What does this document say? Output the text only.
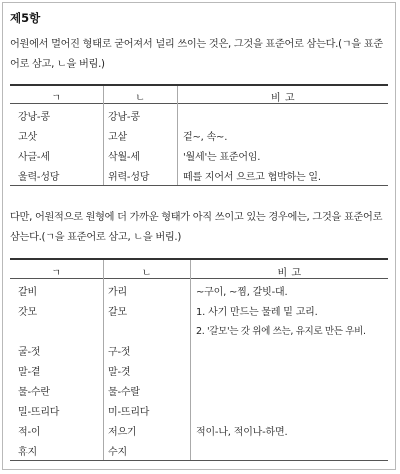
제5항
어원에서 멀어진 형태로 굳어져서 널리 쓰이는 것은, 그것을 표준어로 삼는다.(ㄱ을 표준
어로 삼고, ㄴ을 버림.)
ㄱ	ㄴ	비 고
강낭-콩	강남-콩
고삿	고샅	겉~, 속~.
사글-세	삭월-세	'월세'는 표준어임.
울력-성당	위력-성당	떼를 지어서 으르고 협박하는 일.
다만, 어원적으로 원형에 더 가까운 형태가 아직 쓰이고 있는 경우에는, 그것을 표준어로
삼는다.(ㄱ을 표준어로 삼고, ㄴ을 버림.)
ㄱ	ㄴ	비 고
갈비	가리	~구이, ~찜, 갈빗-대.
갓모	갈모	1. 사기 만드는 물레 밑 고리.
2. '갈모'는 갓 위에 쓰는, 유지로 만든 우비.
굴-젓	구-젓
말-곁	말-겻
물-수란	물-수랄
밀-뜨리다	미-뜨리다
적-이	저으기	적이-나, 적이나-하면.
휴지	수지
